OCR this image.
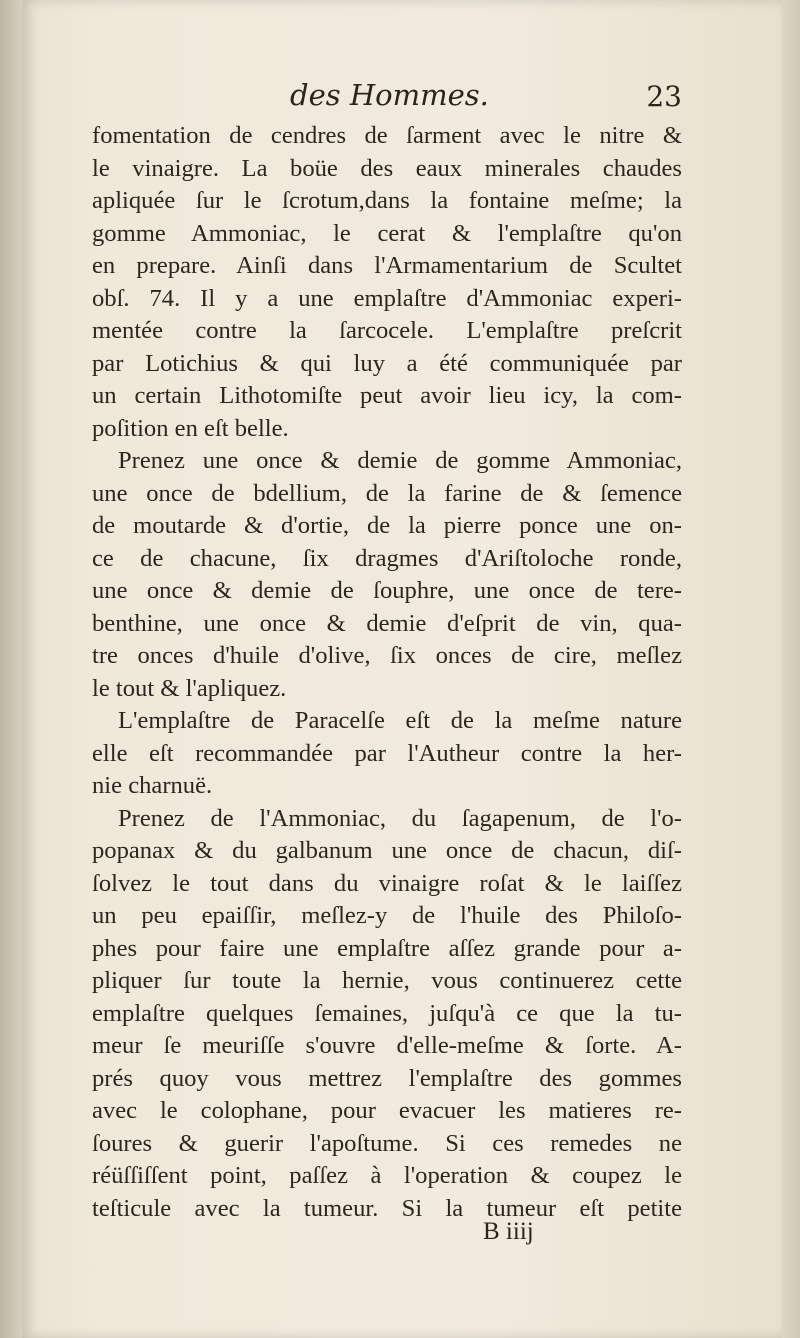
des Hommes.	23
fomentation de cendres de ſarment avec le nitre &
le vinaigre. La boüe des eaux minerales chaudes
apliquée ſur le ſcrotum,dans la fontaine meſme; la
gomme Ammoniac, le cerat & l'emplaſtre qu'on
en prepare. Ainſi dans l'Armamentarium de Scultet
obſ. 74. Il y a une emplaſtre d'Ammoniac experi-
mentée contre la ſarcocele. L'emplaſtre preſcrit
par Lotichius & qui luy a été communiquée par
un certain Lithotomiſte peut avoir lieu icy, la com-
poſition en eſt belle.
Prenez une once & demie de gomme Ammoniac,
une once de bdellium, de la farine de & ſemence
de moutarde & d'ortie, de la pierre ponce une on-
ce de chacune, ſix dragmes d'Ariſtoloche ronde,
une once & demie de ſouphre, une once de tere-
benthine, une once & demie d'eſprit de vin, qua-
tre onces d'huile d'olive, ſix onces de cire, meſlez
le tout & l'apliquez.
L'emplaſtre de Paracelſe eſt de la meſme nature
elle eſt recommandée par l'Autheur contre la her-
nie charnuë.
Prenez de l'Ammoniac, du ſagapenum, de l'o-
popanax & du galbanum une once de chacun, diſ-
ſolvez le tout dans du vinaigre roſat & le laiſſez
un peu epaiſſir, meſlez-y de l'huile des Philoſo-
phes pour faire une emplaſtre aſſez grande pour a-
pliquer ſur toute la hernie, vous continuerez cette
emplaſtre quelques ſemaines, juſqu'à ce que la tu-
meur ſe meuriſſe s'ouvre d'elle-meſme & ſorte. A-
prés quoy vous mettrez l'emplaſtre des gommes
avec le colophane, pour evacuer les matieres re-
ſoures & guerir l'apoſtume. Si ces remedes ne
réüſſiſſent point, paſſez à l'operation & coupez le
teſticule avec la tumeur. Si la tumeur eſt petite
B iiij
